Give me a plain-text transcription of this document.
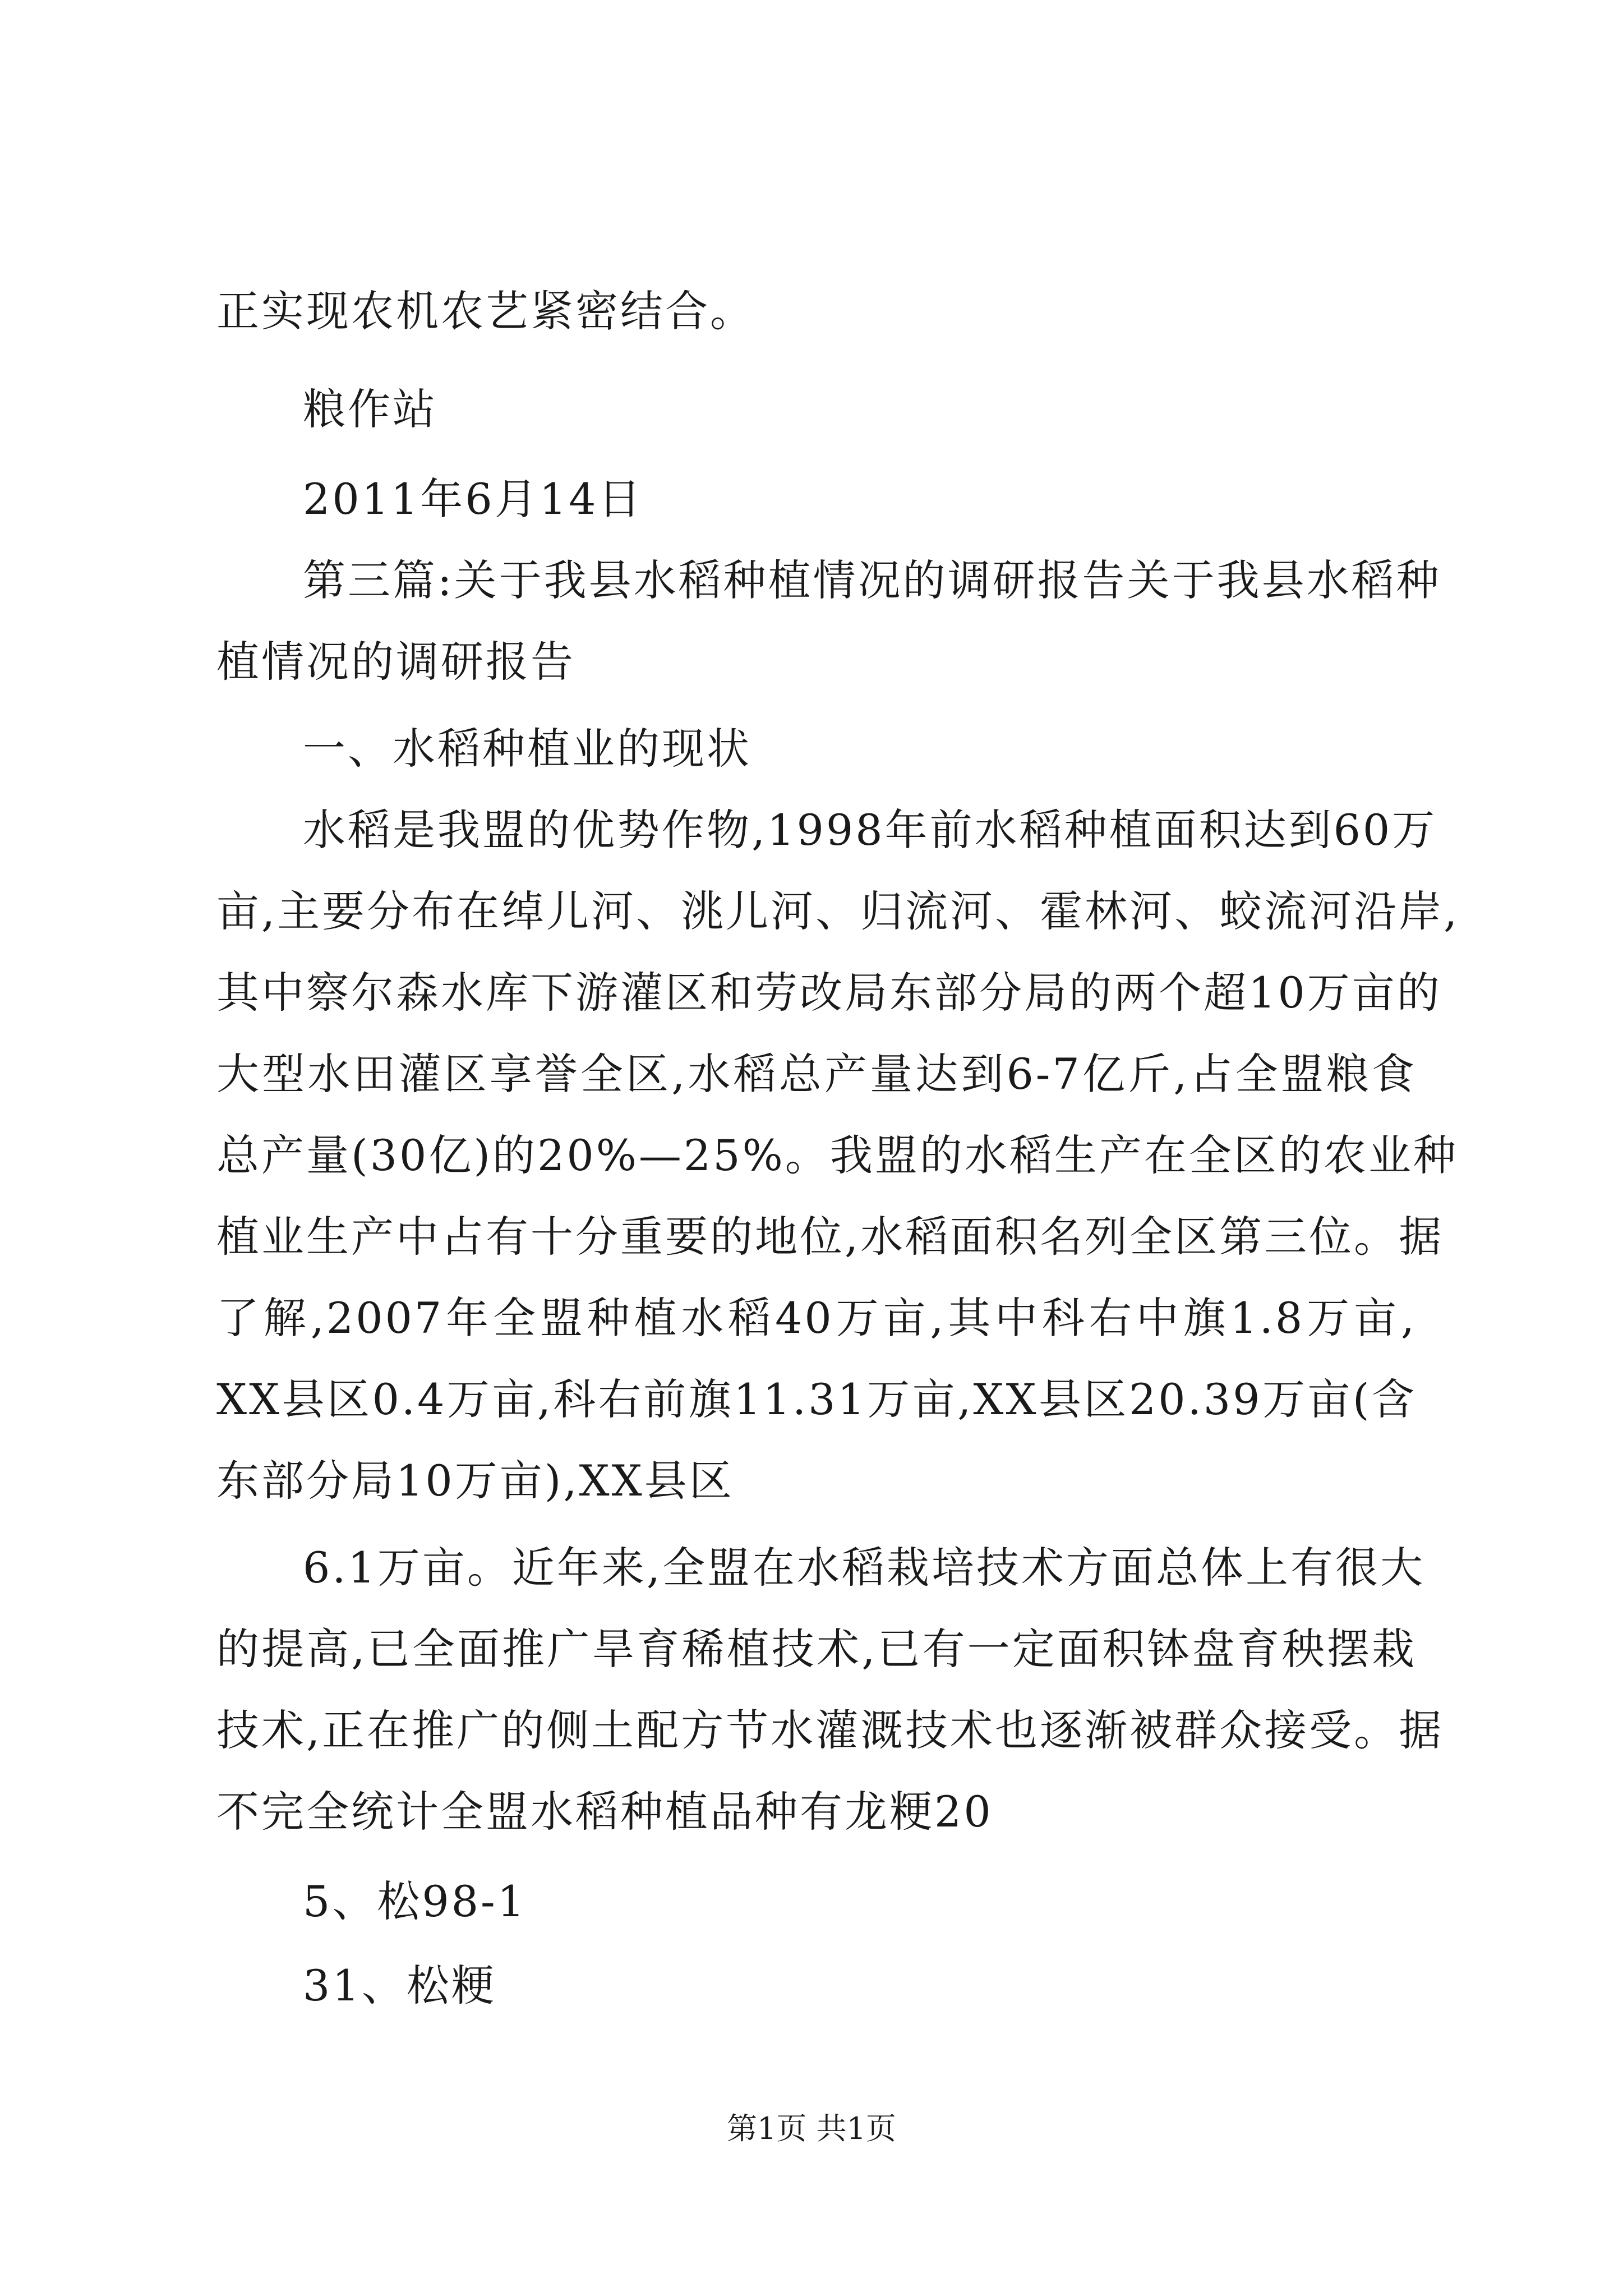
正实现农机农艺紧密结合。
粮作站
2011年6月14日
第三篇:关于我县水稻种植情况的调研报告关于我县水稻种
植情况的调研报告
一、水稻种植业的现状
水稻是我盟的优势作物,1998年前水稻种植面积达到60万
亩,主要分布在绰儿河、洮儿河、归流河、霍林河、蛟流河沿岸,
其中察尔森水库下游灌区和劳改局东部分局的两个超10万亩的
大型水田灌区享誉全区,水稻总产量达到6-7亿斤,占全盟粮食
总产量(30亿)的20%—25%。我盟的水稻生产在全区的农业种
植业生产中占有十分重要的地位,水稻面积名列全区第三位。据
了解,2007年全盟种植水稻40万亩,其中科右中旗1.8万亩,
XX县区0.4万亩,科右前旗11.31万亩,XX县区20.39万亩(含
东部分局10万亩),XX县区
6.1万亩。近年来,全盟在水稻栽培技术方面总体上有很大
的提高,已全面推广旱育稀植技术,已有一定面积钵盘育秧摆栽
技术,正在推广的侧土配方节水灌溉技术也逐渐被群众接受。据
不完全统计全盟水稻种植品种有龙粳20
5、松98-1
31、松粳
第1页 共1页
